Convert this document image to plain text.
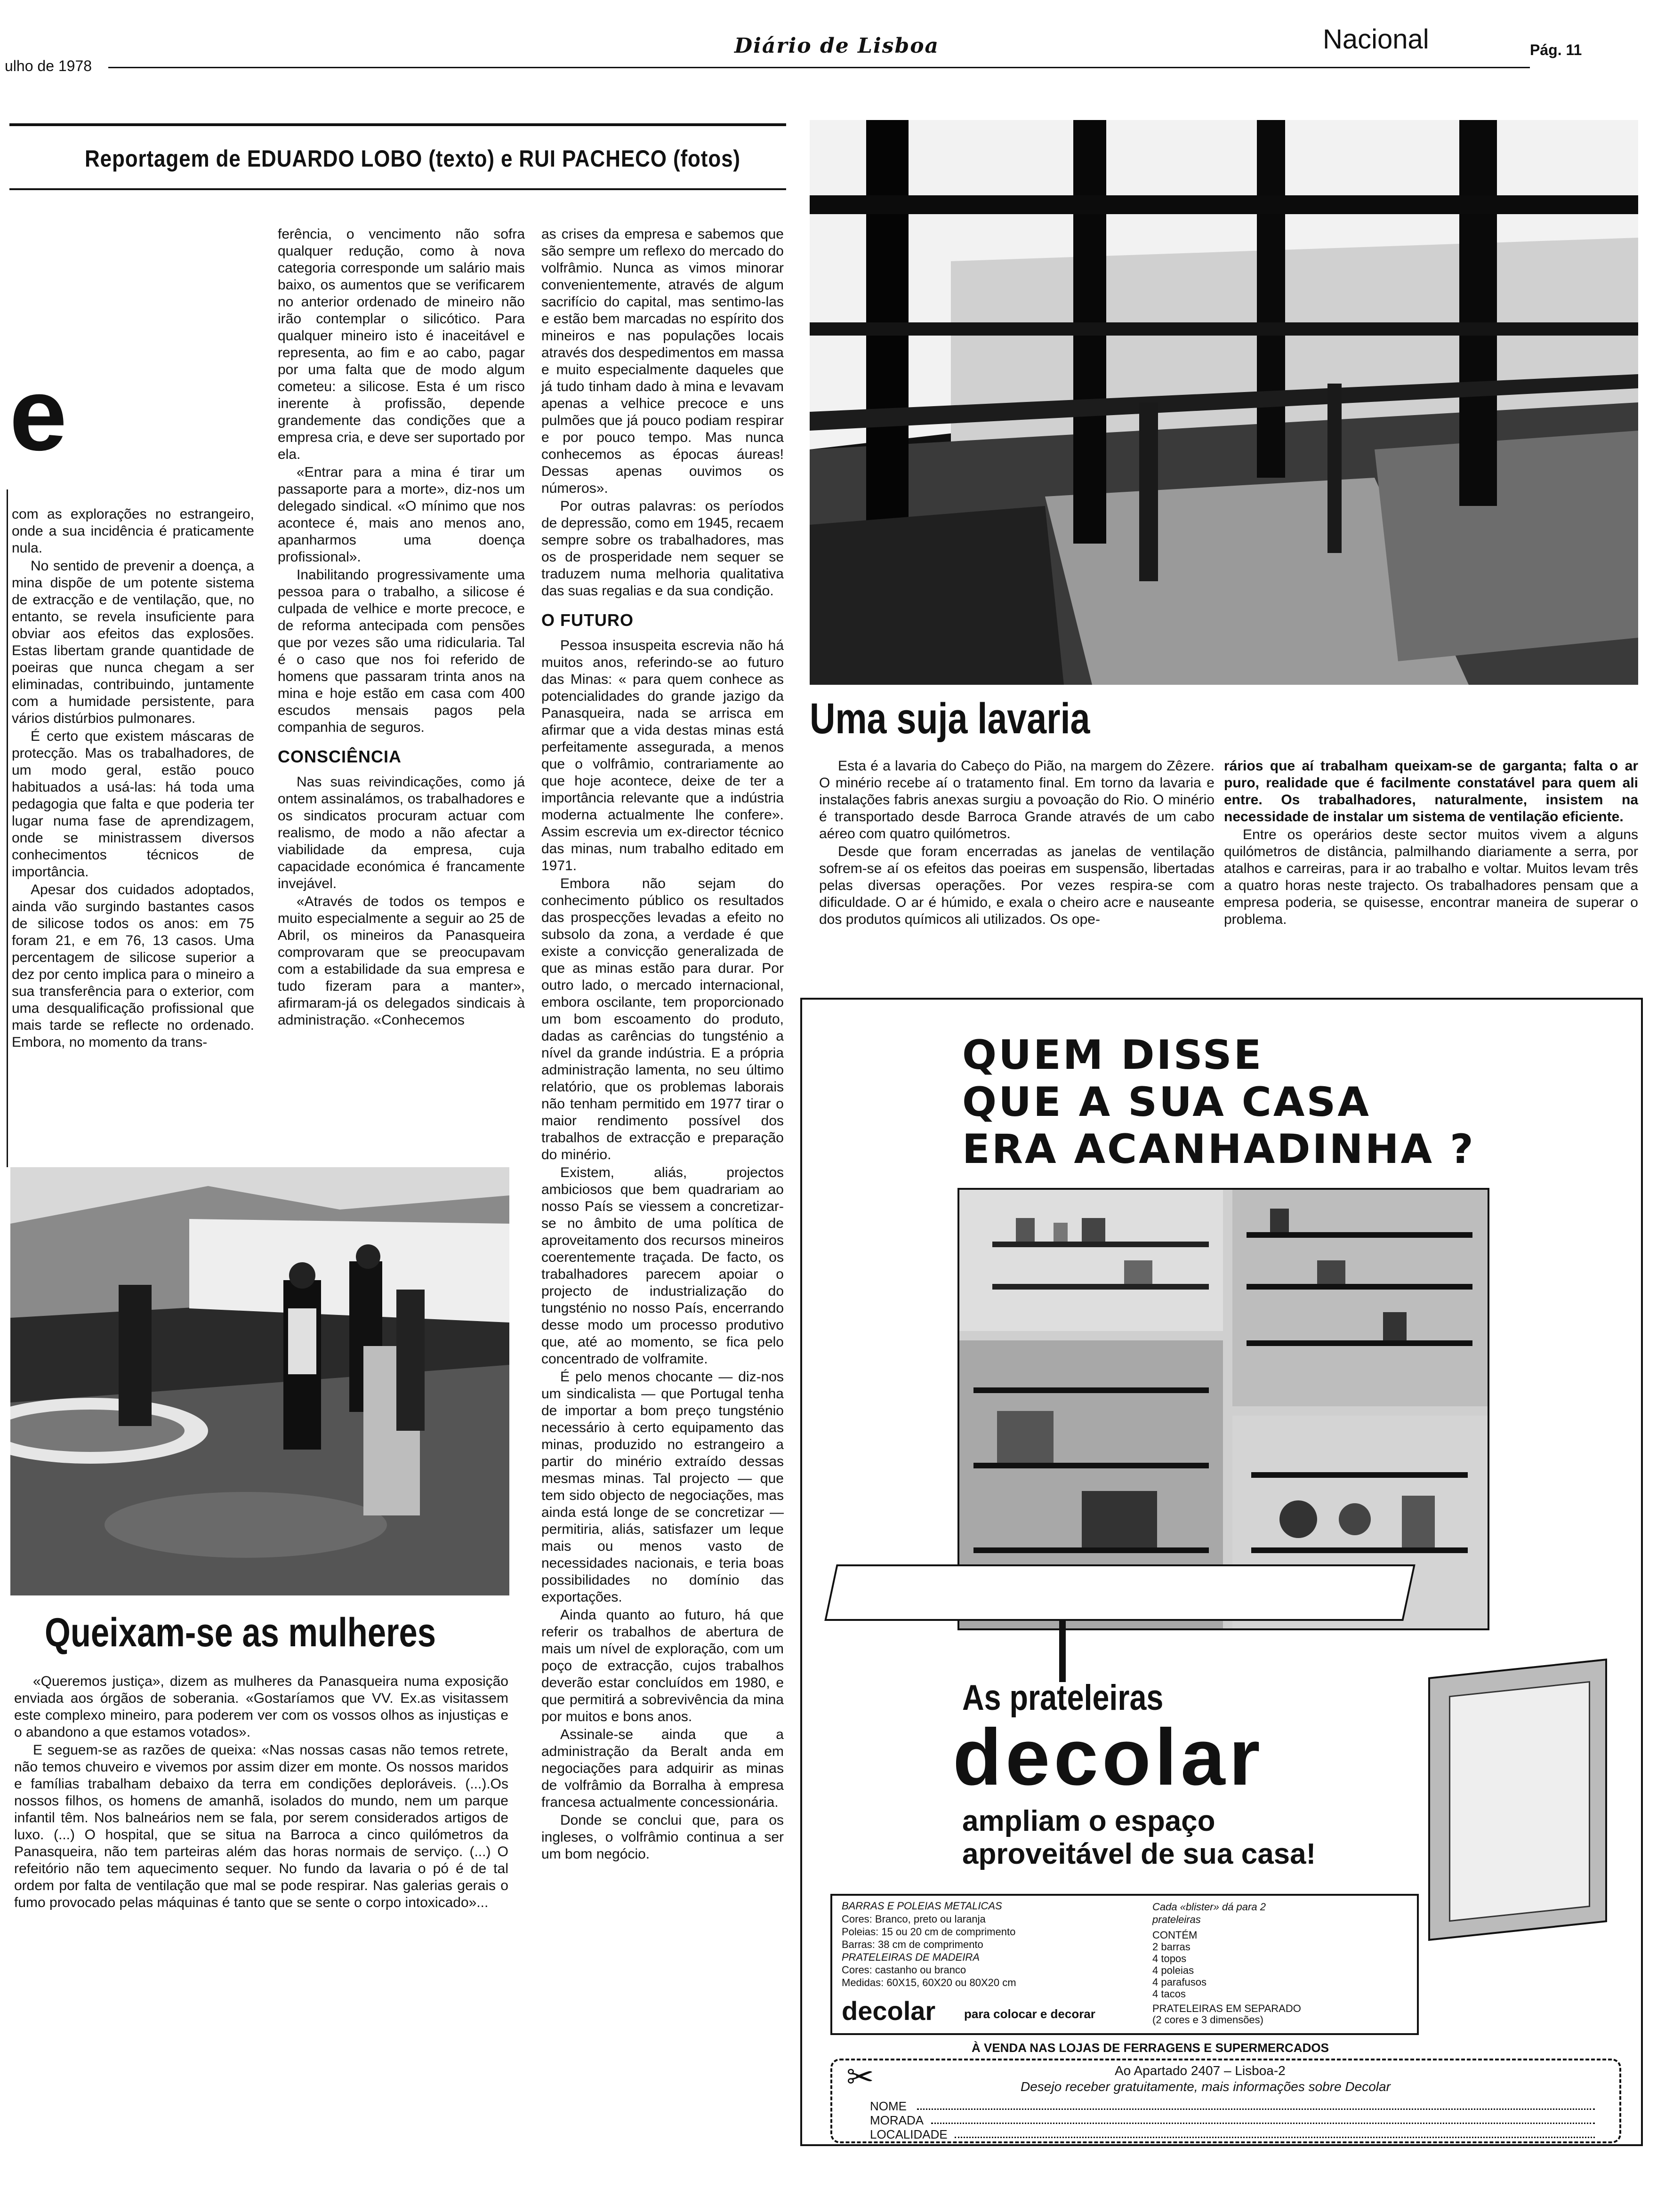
ulho de 1978
Diário de Lisboa	Nacional	Pág. 11
Reportagem de EDUARDO LOBO (texto) e RUI PACHECO (fotos)
e

com as explorações no estrangeiro, onde a sua incidência é praticamente nula.

No sentido de prevenir a doença, a mina dispõe de um potente sistema de extracção e de ventilação, que, no entanto, se revela insuficiente para obviar aos efeitos das explosões. Estas libertam grande quantidade de poeiras que nunca chegam a ser eliminadas, contribuindo, juntamente com a humidade persistente, para vários distúrbios pulmonares.

É certo que existem máscaras de protecção. Mas os trabalhadores, de um modo geral, estão pouco habituados a usá-las: há toda uma pedagogia que falta e que poderia ter lugar numa fase de aprendizagem, onde se ministrassem diversos conhecimentos técnicos de importância.

Apesar dos cuidados adoptados, ainda vão surgindo bastantes casos de silicose todos os anos: em 75 foram 21, e em 76, 13 casos. Uma percentagem de silicose superior a dez por cento implica para o mineiro a sua transferência para o exterior, com uma desqualificação profissional que mais tarde se reflecte no ordenado. Embora, no momento da trans-

ferência, o vencimento não sofra qualquer redução, como à nova categoria corresponde um salário mais baixo, os aumentos que se verificarem no anterior ordenado de mineiro não irão contemplar o silicótico. Para qualquer mineiro isto é inaceitável e representa, ao fim e ao cabo, pagar por uma falta que de modo algum cometeu: a silicose. Esta é um risco inerente à profissão, depende grandemente das condições que a empresa cria, e deve ser suportado por ela.

«Entrar para a mina é tirar um passaporte para a morte», diz-nos um delegado sindical. «O mínimo que nos acontece é, mais ano menos ano, apanharmos uma doença profissional».

Inabilitando progressivamente uma pessoa para o trabalho, a silicose é culpada de velhice e morte precoce, e de reforma antecipada com pensões que por vezes são uma ridicularia. Tal é o caso que nos foi referido de homens que passaram trinta anos na mina e hoje estão em casa com 400 escudos mensais pagos pela companhia de seguros.

CONSCIÊNCIA

Nas suas reivindicações, como já ontem assinalámos, os trabalhadores e os sindicatos procuram actuar com realismo, de modo a não afectar a viabilidade da empresa, cuja capacidade económica é francamente invejável.

«Através de todos os tempos e muito especialmente a seguir ao 25 de Abril, os mineiros da Panasqueira comprovaram que se preocupavam com a estabilidade da sua empresa e tudo fizeram para a manter», afirmaram-já os delegados sindicais à administração. «Conhecemos

Queixam-se as mulheres

«Queremos justiça», dizem as mulheres da Panasqueira numa exposição enviada aos órgãos de soberania. «Gostaríamos que VV. Ex.as visitassem este complexo mineiro, para poderem ver com os vossos olhos as injustiças e o abandono a que estamos votados».

E seguem-se as razões de queixa: «Nas nossas casas não temos retrete, não temos chuveiro e vivemos por assim dizer em monte. Os nossos maridos e famílias trabalham debaixo da terra em condições deploráveis. (...).Os nossos filhos, os homens de amanhã, isolados do mundo, nem um parque infantil têm. Nos balneários nem se fala, por serem considerados artigos de luxo. (...) O hospital, que se situa na Barroca a cinco quilómetros da Panasqueira, não tem parteiras além das horas normais de serviço. (...) O refeitório não tem aquecimento sequer. No fundo da lavaria o pó é de tal ordem por falta de ventilação que mal se pode respirar. Nas galerias gerais o fumo provocado pelas máquinas é tanto que se sente o corpo intoxicado»...

as crises da empresa e sabemos que são sempre um reflexo do mercado do volfrâmio. Nunca as vimos minorar convenientemente, através de algum sacrifício do capital, mas sentimo-las e estão bem marcadas no espírito dos mineiros e nas populações locais através dos despedimentos em massa e muito especialmente daqueles que já tudo tinham dado à mina e levavam apenas a velhice precoce e uns pulmões que já pouco podiam respirar e por pouco tempo. Mas nunca conhecemos as épocas áureas! Dessas apenas ouvimos os números».

Por outras palavras: os períodos de depressão, como em 1945, recaem sempre sobre os trabalhadores, mas os de prosperidade nem sequer se traduzem numa melhoria qualitativa das suas regalias e da sua condição.

O FUTURO

Pessoa insuspeita escrevia não há muitos anos, referindo-se ao futuro das Minas: « para quem conhece as potencialidades do grande jazigo da Panasqueira, nada se arrisca em afirmar que a vida destas minas está perfeitamente assegurada, a menos que o volfrâmio, contrariamente ao que hoje acontece, deixe de ter a importância relevante que a indústria moderna actualmente lhe confere». Assim escrevia um ex-director técnico das minas, num trabalho editado em 1971.

Embora não sejam do conhecimento público os resultados das prospecções levadas a efeito no subsolo da zona, a verdade é que existe a convicção generalizada de que as minas estão para durar. Por outro lado, o mercado internacional, embora oscilante, tem proporcionado um bom escoamento do produto, dadas as carências do tungsténio a nível da grande indústria. E a própria administração lamenta, no seu último relatório, que os problemas laborais não tenham permitido em 1977 tirar o maior rendimento possível dos trabalhos de extracção e preparação do minério.

Existem, aliás, projectos ambiciosos que bem quadrariam ao nosso País se viessem a concretizar-se no âmbito de uma política de aproveitamento dos recursos mineiros coerentemente traçada. De facto, os trabalhadores parecem apoiar o projecto de industrialização do tungsténio no nosso País, encerrando desse modo um processo produtivo que, até ao momento, se fica pelo concentrado de volframite.

É pelo menos chocante — diz-nos um sindicalista — que Portugal tenha de importar a bom preço tungsténio necessário à certo equipamento das minas, produzido no estrangeiro a partir do minério extraído dessas mesmas minas. Tal projecto — que tem sido objecto de negociações, mas ainda está longe de se concretizar — permitiria, aliás, satisfazer um leque mais ou menos vasto de necessidades nacionais, e teria boas possibilidades no domínio das exportações.

Ainda quanto ao futuro, há que referir os trabalhos de abertura de mais um nível de exploração, com um poço de extracção, cujos trabalhos deverão estar concluídos em 1980, e que permitirá a sobrevivência da mina por muitos e bons anos.

Assinale-se ainda que a administração da Beralt anda em negociações para adquirir as minas de volfrâmio da Borralha à empresa francesa actualmente concessionária.

Donde se conclui que, para os ingleses, o volfrâmio continua a ser um bom negócio.

Uma suja lavaria

Esta é a lavaria do Cabeço do Pião, na margem do Zêzere. O minério recebe aí o tratamento final. Em torno da lavaria e instalações fabris anexas surgiu a povoação do Rio. O minério é transportado desde Barroca Grande através de um cabo aéreo com quatro quilómetros.

Desde que foram encerradas as janelas de ventilação sofrem-se aí os efeitos das poeiras em suspensão, libertadas pelas diversas operações. Por vezes respira-se com dificuldade. O ar é húmido, e exala o cheiro acre e nauseante dos produtos químicos ali utilizados. Os ope-

rários que aí trabalham queixam-se de garganta; falta o ar puro, realidade que é facilmente constatável para quem ali entre. Os trabalhadores, naturalmente, insistem na necessidade de instalar um sistema de ventilação eficiente.

Entre os operários deste sector muitos vivem a alguns quilómetros de distância, palmilhando diariamente a serra, por atalhos e carreiras, para ir ao trabalho e voltar. Muitos levam três a quatro horas neste trajecto. Os trabalhadores pensam que a empresa poderia, se quisesse, encontrar maneira de superar o problema.

QUEM DISSE
QUE A SUA CASA
ERA ACANHADINHA ?
As prateleiras
decolar
ampliam o espaço
aproveitável de sua casa!
BARRAS E POLEIAS METALICAS
Cores: Branco, preto ou laranja
Poleias: 15 ou 20 cm de comprimento
Barras: 38 cm de comprimento
PRATELEIRAS DE MADEIRA
Cores: castanho ou branco
Medidas: 60X15, 60X20 ou 80X20 cm
Cada «blister» dá para 2 prateleiras
CONTÉM
2 barras
4 topos
4 poleias
4 parafusos
4 tacos
PRATELEIRAS EM SEPARADO
(2 cores e 3 dimensões)
decolar para colocar e decorar
À VENDA NAS LOJAS DE FERRAGENS E SUPERMERCADOS
✂	Ao Apartado 2407 – Lisboa-2
Desejo receber gratuitamente, mais informações sobre Decolar
NOME
MORADA
LOCALIDADE
